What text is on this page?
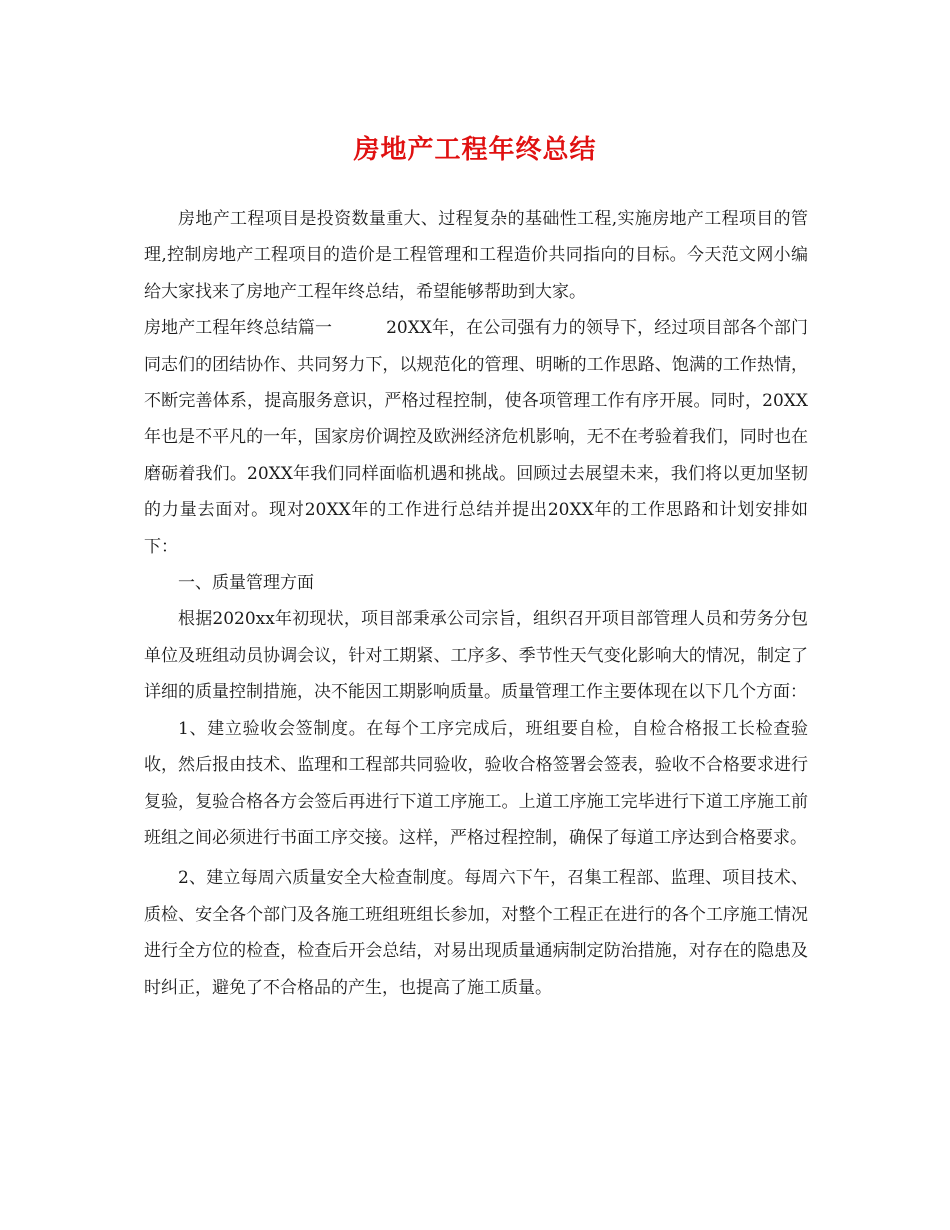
房地产工程年终总结

房地产工程项目是投资数量重大、过程复杂的基础性工程,实施房地产工程项目的管理,控制房地产工程项目的造价是工程管理和工程造价共同指向的目标。今天范文网小编给大家找来了房地产工程年终总结，希望能够帮助到大家。

房地产工程年终总结篇一	20XX年，在公司强有力的领导下，经过项目部各个部门同志们的团结协作、共同努力下，以规范化的管理、明晰的工作思路、饱满的工作热情，不断完善体系，提高服务意识，严格过程控制，使各项管理工作有序开展。同时，20XX年也是不平凡的一年，国家房价调控及欧洲经济危机影响，无不在考验着我们，同时也在磨砺着我们。20XX年我们同样面临机遇和挑战。回顾过去展望未来，我们将以更加坚韧的力量去面对。现对20XX年的工作进行总结并提出20XX年的工作思路和计划安排如下：

一、质量管理方面

根据2020xx年初现状，项目部秉承公司宗旨，组织召开项目部管理人员和劳务分包单位及班组动员协调会议，针对工期紧、工序多、季节性天气变化影响大的情况，制定了详细的质量控制措施，决不能因工期影响质量。质量管理工作主要体现在以下几个方面：

1、建立验收会签制度。在每个工序完成后，班组要自检，自检合格报工长检查验收，然后报由技术、监理和工程部共同验收，验收合格签署会签表，验收不合格要求进行复验，复验合格各方会签后再进行下道工序施工。上道工序施工完毕进行下道工序施工前班组之间必须进行书面工序交接。这样，严格过程控制，确保了每道工序达到合格要求。

2、建立每周六质量安全大检查制度。每周六下午，召集工程部、监理、项目技术、质检、安全各个部门及各施工班组班组长参加，对整个工程正在进行的各个工序施工情况进行全方位的检查，检查后开会总结，对易出现质量通病制定防治措施，对存在的隐患及时纠正，避免了不合格品的产生，也提高了施工质量。
